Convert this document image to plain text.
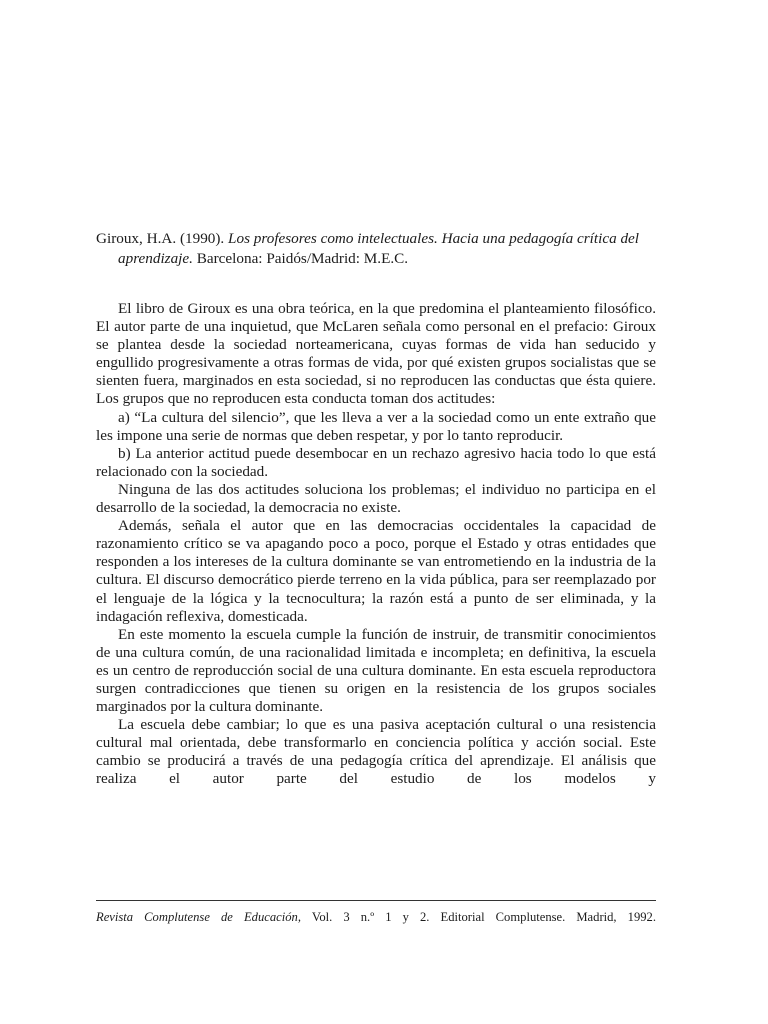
Giroux, H.A. (1990). Los profesores como intelectuales. Hacia una pedagogía crítica del aprendizaje. Barcelona: Paidós/Madrid: M.E.C.

El libro de Giroux es una obra teórica, en la que predomina el planteamiento filosófico. El autor parte de una inquietud, que McLaren señala como personal en el prefacio: Giroux se plantea desde la sociedad norteamericana, cuyas formas de vida han seducido y engullido progresivamente a otras formas de vida, por qué existen grupos socialistas que se sienten fuera, marginados en esta sociedad, si no reproducen las conductas que ésta quiere. Los grupos que no reproducen esta conducta toman dos actitudes:

a) “La cultura del silencio”, que les lleva a ver a la sociedad como un ente extraño que les impone una serie de normas que deben respetar, y por lo tanto reproducir.

b) La anterior actitud puede desembocar en un rechazo agresivo hacia todo lo que está relacionado con la sociedad.

Ninguna de las dos actitudes soluciona los problemas; el individuo no participa en el desarrollo de la sociedad, la democracia no existe.

Además, señala el autor que en las democracias occidentales la capacidad de razonamiento crítico se va apagando poco a poco, porque el Estado y otras entidades que responden a los intereses de la cultura dominante se van entrometiendo en la industria de la cultura. El discurso democrático pierde terreno en la vida pública, para ser reemplazado por el lenguaje de la lógica y la tecnocultura; la razón está a punto de ser eliminada, y la indagación reflexiva, domesticada.

En este momento la escuela cumple la función de instruir, de transmitir conocimientos de una cultura común, de una racionalidad limitada e incompleta; en definitiva, la escuela es un centro de reproducción social de una cultura dominante. En esta escuela reproductora surgen contradicciones que tienen su origen en la resistencia de los grupos sociales marginados por la cultura dominante.

La escuela debe cambiar; lo que es una pasiva aceptación cultural o una resistencia cultural mal orientada, debe transformarlo en conciencia política y acción social. Este cambio se producirá a través de una pedagogía crítica del aprendizaje. El análisis que realiza el autor parte del estudio de los modelos y

Revista Complutense de Educación, Vol. 3 n.º 1 y 2. Editorial Complutense. Madrid, 1992.
